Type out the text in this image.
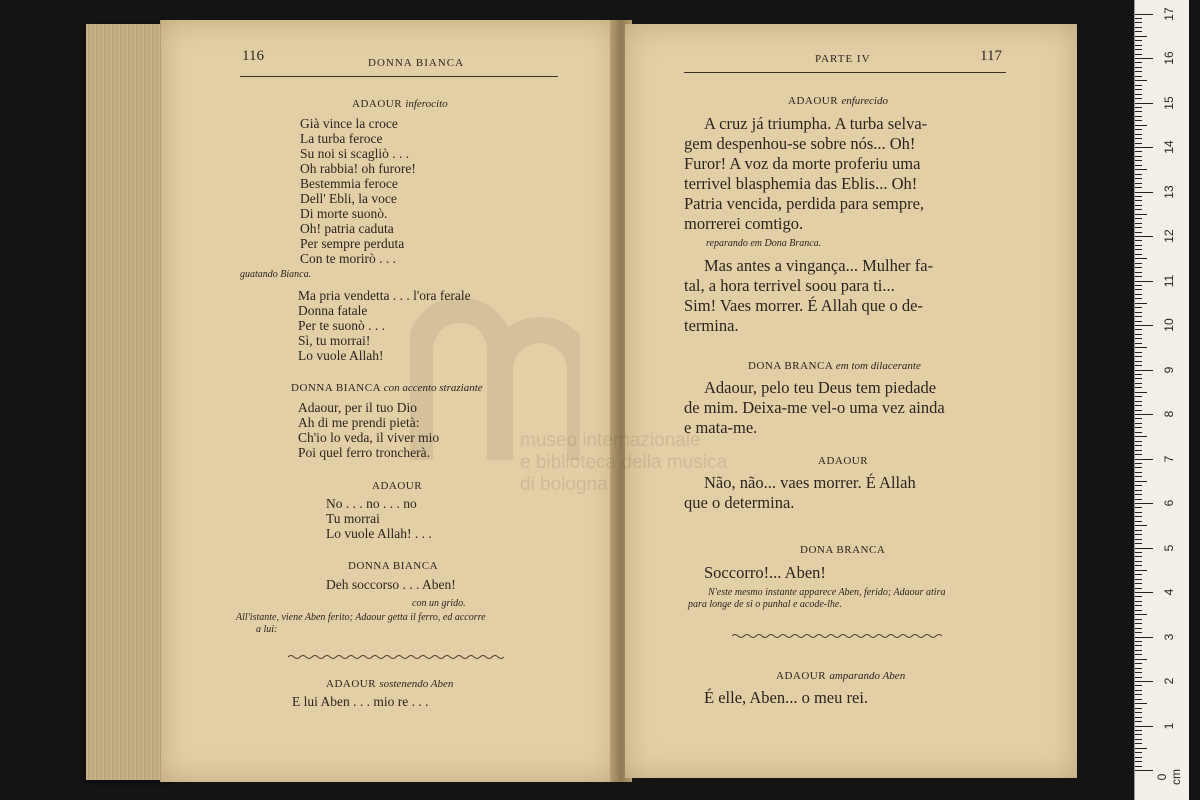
museo internazionale
e biblioteca della musica
di bologna
116	DONNA BIANCA
ADAOUR inferocito
Già vince la croce
La turba feroce
Su noi si scagliò . . .
Oh rabbia! oh furore!
Bestemmia feroce
Dell' Ebli, la voce
Di morte suonò.
Oh! patria caduta
Per sempre perduta
Con te morirò . . .
guatando Bianca.
Ma pria vendetta . . . l'ora ferale
Donna fatale
Per te suonò . . .
Sì, tu morrai!
Lo vuole Allah!
DONNA BIANCA con accento straziante
Adaour, per il tuo Dio
Ah di me prendi pietà:
Ch'io lo veda, il viver mio
Poi quel ferro troncherà.
ADAOUR
No . . . no . . . no
Tu morrai
Lo vuole Allah! . . .
DONNA BIANCA
Deh soccorso . . . Aben!
con un grido.
All'istante, viene Aben ferito; Adaour getta il ferro, ed accorre
a lui:
ADAOUR sostenendo Aben
E lui Aben . . . mio re . . .
PARTE IV	117
ADAOUR enfurecido
A cruz já triumpha. A turba selva-
gem despenhou-se sobre nós... Oh!
Furor! A voz da morte proferiu uma
terrivel blasphemia das Eblis... Oh!
Patria vencida, perdida para sempre,
morrerei comtigo.
reparando em Dona Branca.
Mas antes a vingança... Mulher fa-
tal, a hora terrivel soou para ti...
Sim! Vaes morrer. É Allah que o de-
termina.
DONA BRANCA em tom dilacerante
Adaour, pelo teu Deus tem piedade
de mim. Deixa-me vel-o uma vez ainda
e mata-me.
ADAOUR
Não, não... vaes morrer. É Allah
que o determina.
DONA BRANCA
Soccorro!... Aben!
N'este mesmo instante apparece Aben, ferido; Adaour atira
para longe de si o punhal e acode-lhe.
ADAOUR amparando Aben
É elle, Aben... o meu rei.
0 cm
1
2
3
4
5
6
7
8
9
10
11
12
13
14
15
16
17
